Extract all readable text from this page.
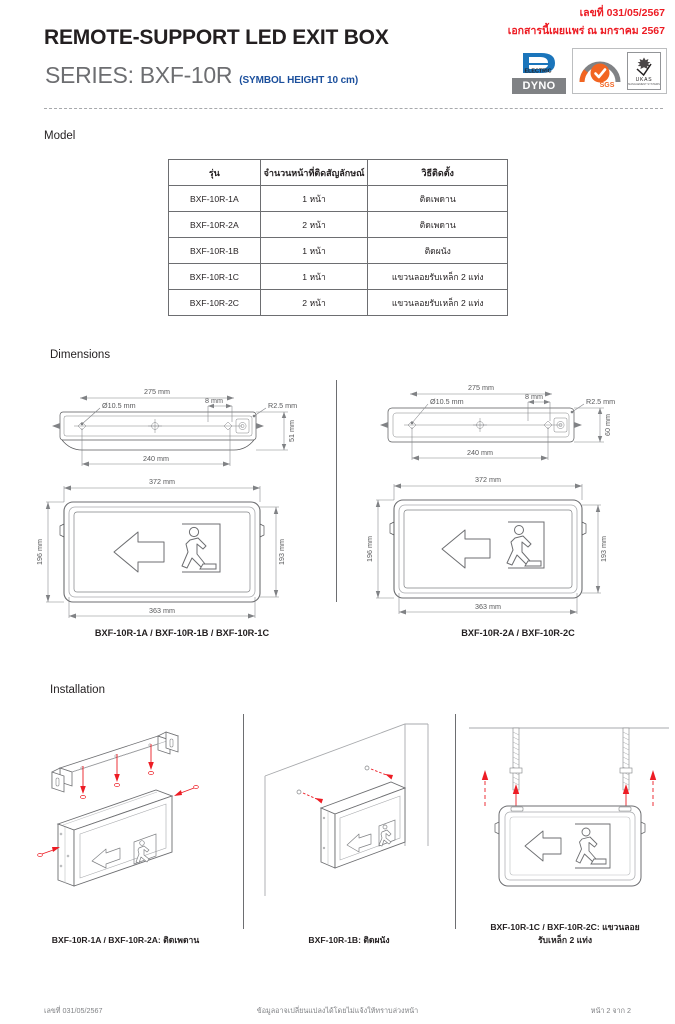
REMOTE-SUPPORT LED EXIT BOX
SERIES: BXF-10R (SYMBOL HEIGHT 10 cm)
เลขที่ 031/05/2567
เอกสารนี้เผยแพร่ ณ มกราคม 2567
ELECTRIC
DYNO	SGS
UKAS
MANAGEMENT SYSTEMS
Model
รุ่น	จำนวนหน้าที่ติดสัญลักษณ์	วิธีติดตั้ง
BXF-10R-1A	1 หน้า	ติดเพดาน
BXF-10R-2A	2 หน้า	ติดเพดาน
BXF-10R-1B	1 หน้า	ติดผนัง
BXF-10R-1C	1 หน้า	แขวนลอยรับเหล็ก 2 แท่ง
BXF-10R-2C	2 หน้า	แขวนลอยรับเหล็ก 2 แท่ง
Dimensions
275 mm
Ø10.5 mm
8 mm
R2.5 mm
51 mm
240 mm
372 mm
363 mm
196 mm	193 mm
BXF-10R-1A / BXF-10R-1B / BXF-10R-1C
275 mm
Ø10.5 mm
8 mm
R2.5 mm
60 mm
240 mm
372 mm
363 mm
196 mm	193 mm
BXF-10R-2A / BXF-10R-2C
Installation
BXF-10R-1A / BXF-10R-2A: ติดเพดาน	BXF-10R-1B: ติดผนัง
BXF-10R-1C / BXF-10R-2C: แขวนลอย
รับเหล็ก 2 แท่ง
เลขที่ 031/05/2567	ข้อมูลอาจเปลี่ยนแปลงได้โดยไม่แจ้งให้ทราบล่วงหน้า	หน้า 2 จาก 2
